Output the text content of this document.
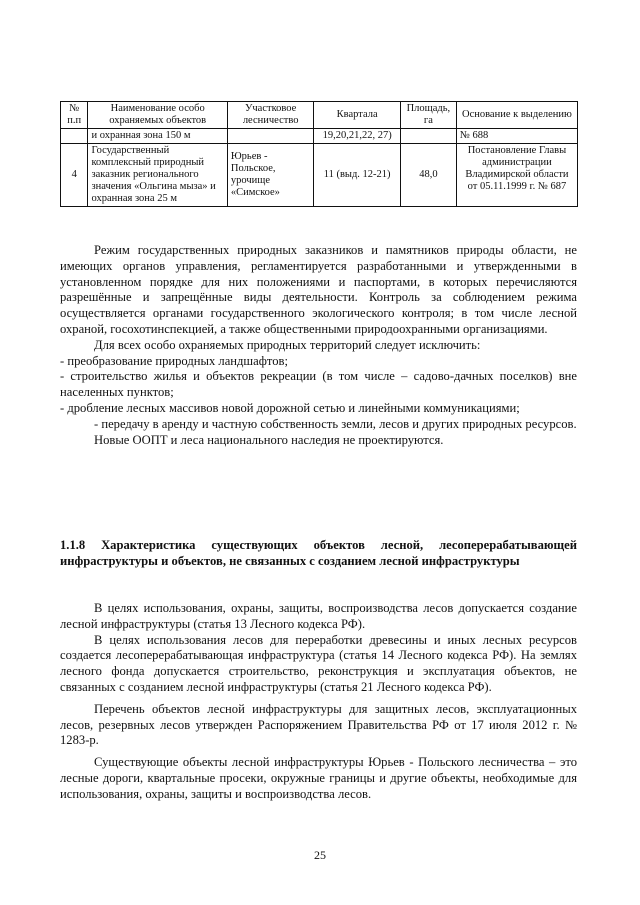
№ п.п	Наименование особо охраняемых объектов	Участковое лесничество	Квартала	Площадь, га	Основание к выделению
	и охранная зона 150 м		19,20,21,22, 27)		№ 688
4	Государственный комплексный природный заказник регионального значения «Ольгина мыза» и охранная зона 25 м	Юрьев - Польское, урочище «Симское»	11 (выд. 12-21)	48,0	Постановление Главы администрации Владимирской области от 05.11.1999 г. № 687

Режим государственных природных заказников и памятников природы области, не имеющих органов управления, регламентируется разработанными и утвержденными в установленном порядке для них положениями и паспортами, в которых перечисляются разрешённые и запрещённые виды деятельности. Контроль за соблюдением режима осуществляется органами государственного экологического контроля; в том числе лесной охраной, госохотинспекцией, а также общественными природоохранными организациями.

Для всех особо охраняемых природных территорий следует исключить:

- преобразование природных ландшафтов;

- строительство жилья и объектов рекреации (в том числе – садово-дачных поселков) вне населенных пунктов;

- дробление лесных массивов новой дорожной сетью и линейными коммуникациями;

- передачу в аренду и частную собственность земли, лесов и других природных ресурсов.

Новые ООПТ и леса национального наследия не проектируются.

1.1.8 Характеристика существующих объектов лесной, лесоперерабатывающей инфраструктуры и объектов, не связанных с созданием лесной инфраструктуры

В целях использования, охраны, защиты, воспроизводства лесов допускается создание лесной инфраструктуры (статья 13 Лесного кодекса РФ).

В целях использования лесов для переработки древесины и иных лесных ресурсов создается лесоперерабатывающая инфраструктура (статья 14 Лесного кодекса РФ). На землях лесного фонда допускается строительство, реконструкция и эксплуатация объектов, не связанных с созданием лесной инфраструктуры (статья 21 Лесного кодекса РФ).

Перечень объектов лесной инфраструктуры для защитных лесов, эксплуатационных лесов, резервных лесов утвержден Распоряжением Правительства РФ от 17 июля 2012 г. № 1283-р.

Существующие объекты лесной инфраструктуры Юрьев - Польского лесничества – это лесные дороги, квартальные просеки, окружные границы и другие объекты, необходимые для использования, охраны, защиты и воспроизводства лесов.

25
